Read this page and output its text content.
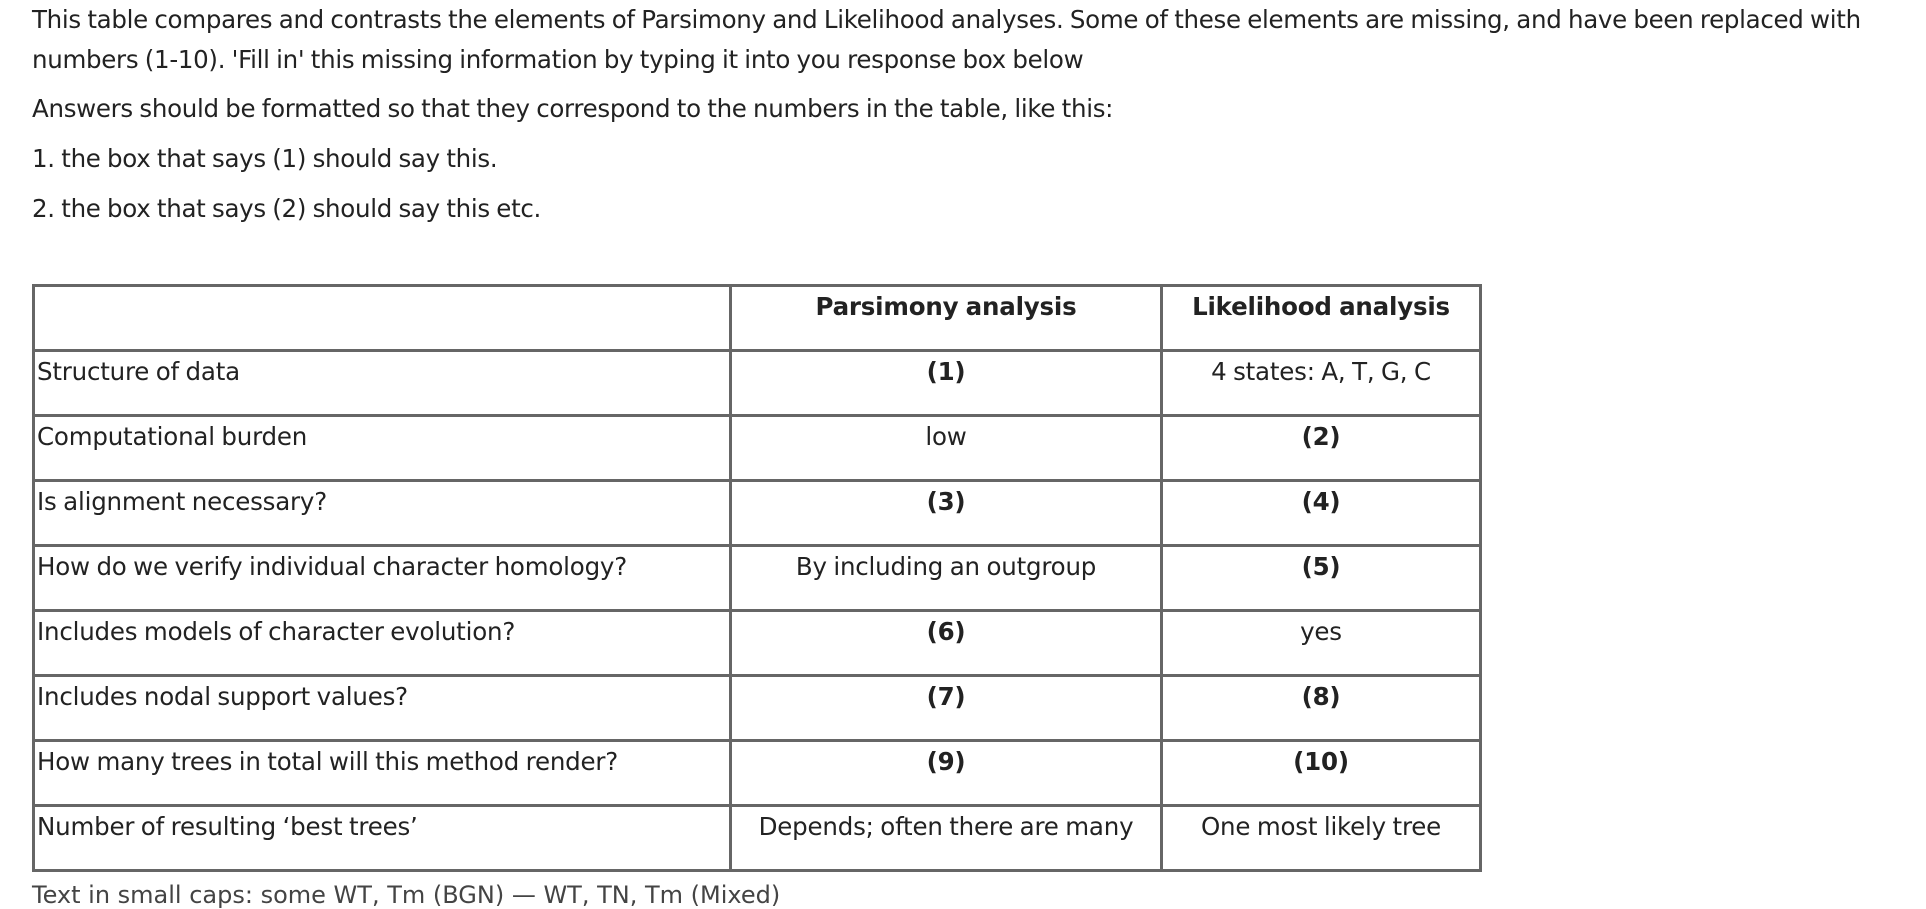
This table compares and contrasts the elements of Parsimony and Likelihood analyses. Some of these elements are missing, and have been replaced with numbers (1-10). 'Fill in' this missing information by typing it into you response box below

Answers should be formatted so that they correspond to the numbers in the table, like this:

1. the box that says (1) should say this.

2. the box that says (2) should say this etc.

	Parsimony analysis	Likelihood analysis
Structure of data	(1)	4 states: A, T, G, C
Computational burden	low	(2)
Is alignment necessary?	(3)	(4)
How do we verify individual character homology?	By including an outgroup	(5)
Includes models of character evolution?	(6)	yes
Includes nodal support values?	(7)	(8)
How many trees in total will this method render?	(9)	(10)
Number of resulting ‘best trees’	Depends; often there are many	One most likely tree
Text in small caps: some WT, Tm (BGN) — WT, TN, Tm (Mixed)
